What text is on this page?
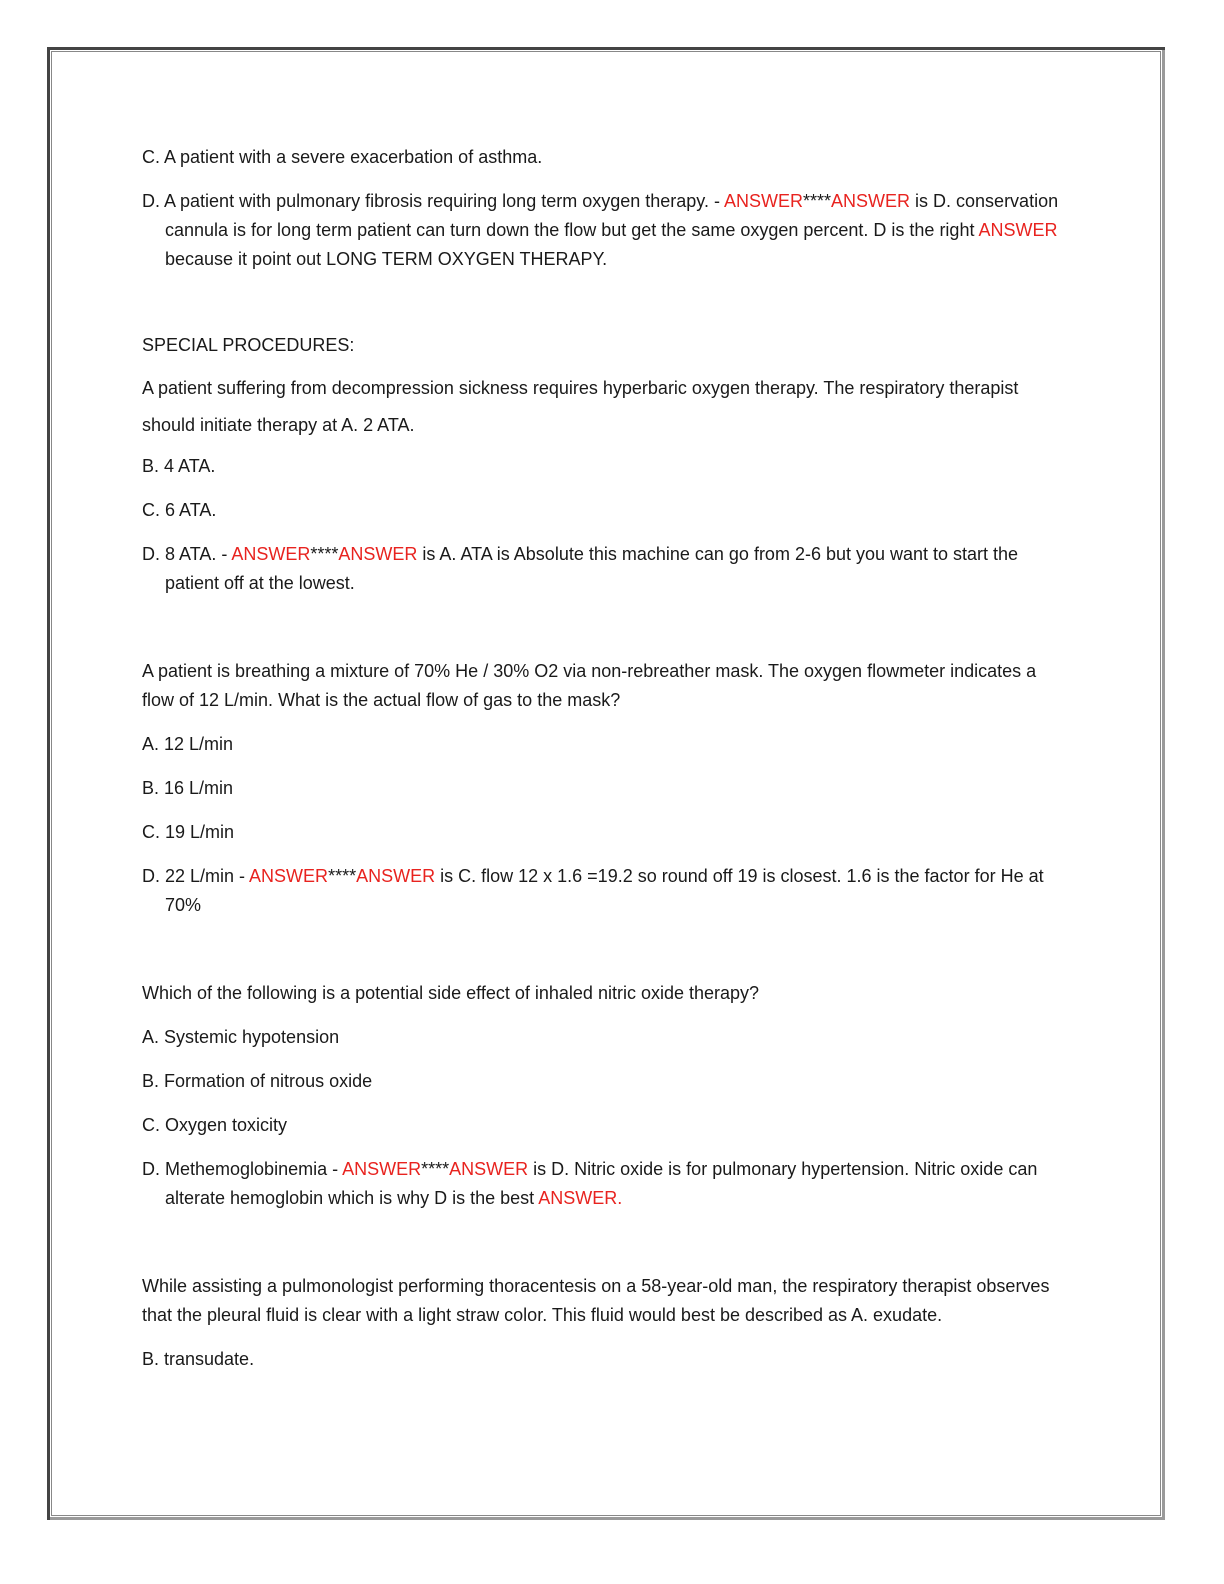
C. A patient with a severe exacerbation of asthma.

D. A patient with pulmonary fibrosis requiring long term oxygen therapy. - ANSWER****ANSWER is D. conservation cannula is for long term patient can turn down the flow but get the same oxygen percent. D is the right ANSWER because it point out LONG TERM OXYGEN THERAPY.

SPECIAL PROCEDURES:

A patient suffering from decompression sickness requires hyperbaric oxygen therapy. The respiratory therapist should initiate therapy at A. 2 ATA.

B. 4 ATA.

C. 6 ATA.

D. 8 ATA. - ANSWER****ANSWER is A. ATA is Absolute this machine can go from 2-6 but you want to start the patient off at the lowest.

A patient is breathing a mixture of 70% He / 30% O2 via non-rebreather mask. The oxygen flowmeter indicates a flow of 12 L/min. What is the actual flow of gas to the mask?

A. 12 L/min

B. 16 L/min

C. 19 L/min

D. 22 L/min - ANSWER****ANSWER is C. flow 12 x 1.6 =19.2 so round off 19 is closest. 1.6 is the factor for He at 70%

Which of the following is a potential side effect of inhaled nitric oxide therapy?

A. Systemic hypotension

B. Formation of nitrous oxide

C. Oxygen toxicity

D. Methemoglobinemia - ANSWER****ANSWER is D. Nitric oxide is for pulmonary hypertension. Nitric oxide can alterate hemoglobin which is why D is the best ANSWER.

While assisting a pulmonologist performing thoracentesis on a 58-year-old man, the respiratory therapist observes that the pleural fluid is clear with a light straw color. This fluid would best be described as A. exudate.

B. transudate.
